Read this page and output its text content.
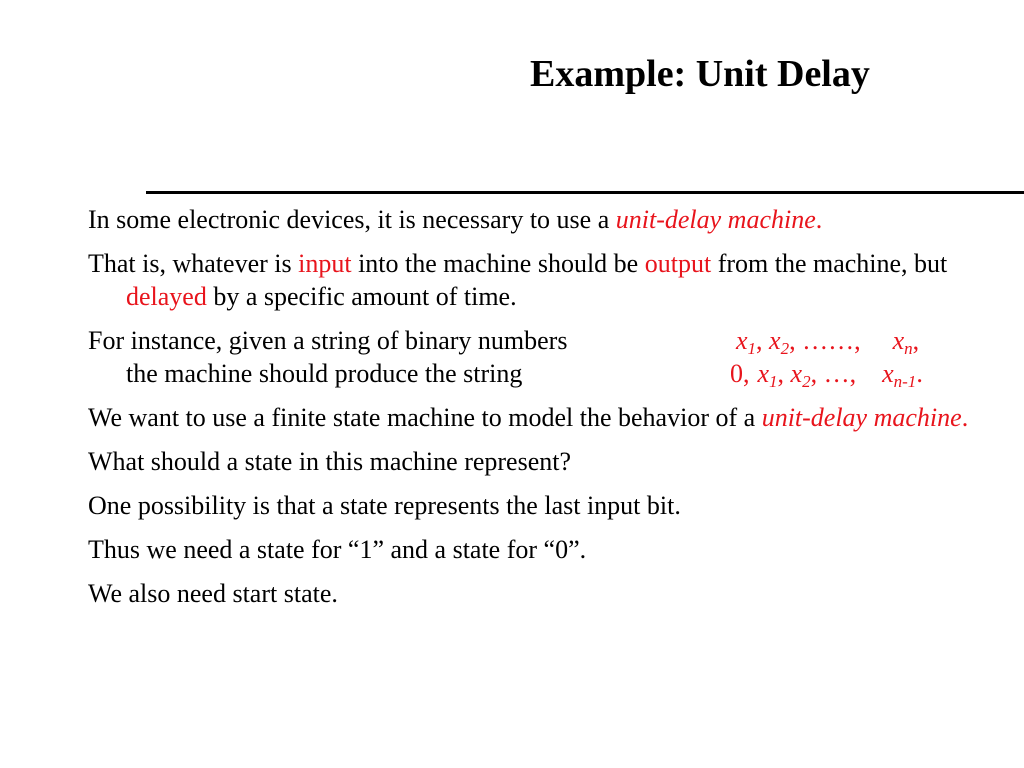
Example: Unit Delay

In some electronic devices, it is necessary to use a unit-delay machine.

That is, whatever is input into the machine should be output from the machine, but delayed by a specific amount of time.

For instance, given a string of binary numbers	$x_1$, $x_2$, ……, $x_n$,
the machine should produce the string	0, $x_1$, $x_2$, …, $x_{n-1}$.

We want to use a finite state machine to model the behavior of a unit-delay machine.

What should a state in this machine represent?

One possibility is that a state represents the last input bit.

Thus we need a state for “1” and a state for “0”.

We also need start state.
